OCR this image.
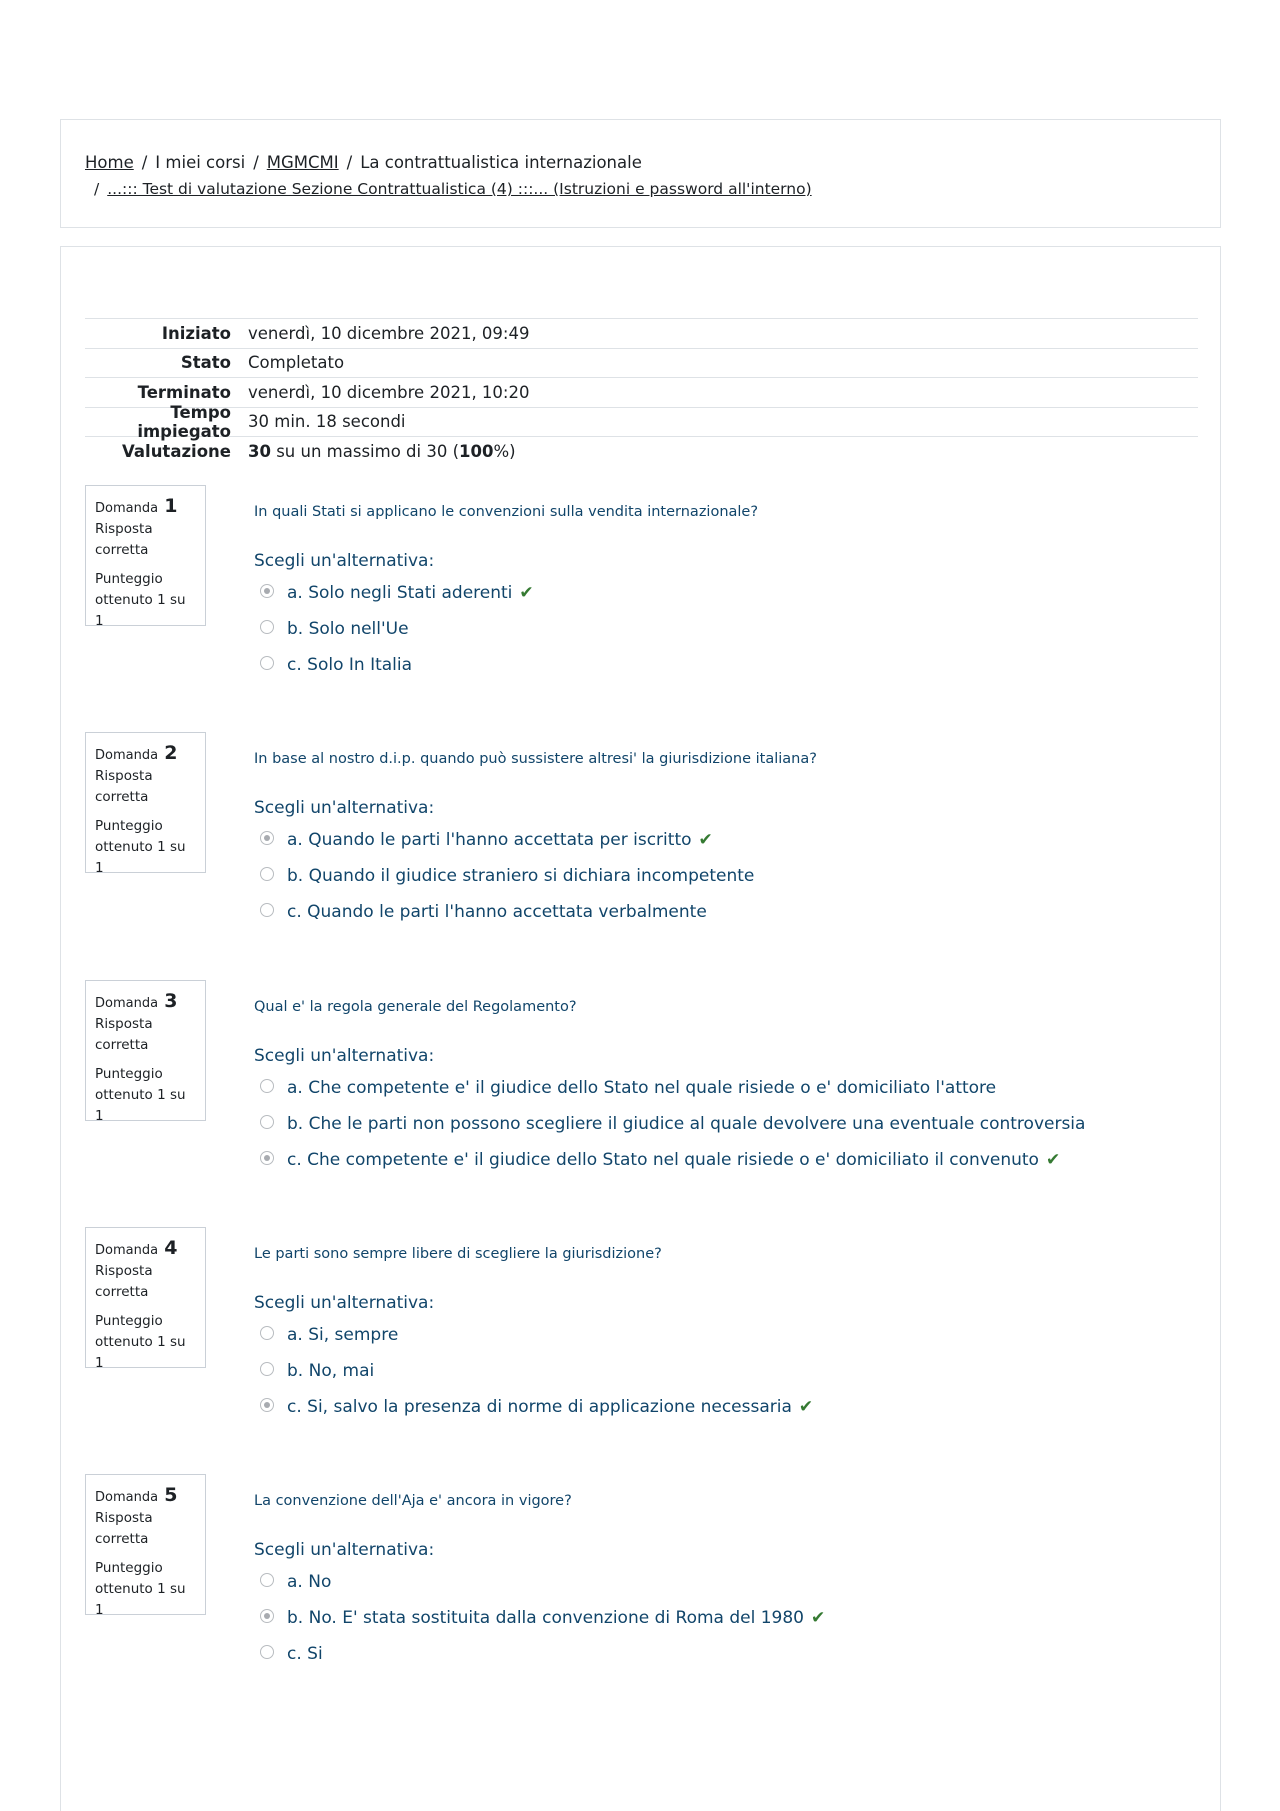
Home / I miei corsi / MGMCMI / La contrattualistica internazionale
/ ...::: Test di valutazione Sezione Contrattualistica (4) :::... (Istruzioni e password all'interno)
Iniziato	venerdì, 10 dicembre 2021, 09:49
Stato	Completato
Terminato	venerdì, 10 dicembre 2021, 10:20
Tempo impiegato	30 min. 18 secondi
Valutazione	30 su un massimo di 30 (100%)
Domanda 1
Risposta corretta
Punteggio ottenuto 1 su 1
In quali Stati si applicano le convenzioni sulla vendita internazionale?
Scegli un'alternativa:
a. Solo negli Stati aderenti ✔
b. Solo nell'Ue
c. Solo In Italia
Domanda 2
Risposta corretta
Punteggio ottenuto 1 su 1
In base al nostro d.i.p. quando può sussistere altresi' la giurisdizione italiana?
Scegli un'alternativa:
a. Quando le parti l'hanno accettata per iscritto ✔
b. Quando il giudice straniero si dichiara incompetente
c. Quando le parti l'hanno accettata verbalmente
Domanda 3
Risposta corretta
Punteggio ottenuto 1 su 1
Qual e' la regola generale del Regolamento?
Scegli un'alternativa:
a. Che competente e' il giudice dello Stato nel quale risiede o e' domiciliato l'attore
b. Che le parti non possono scegliere il giudice al quale devolvere una eventuale controversia
c. Che competente e' il giudice dello Stato nel quale risiede o e' domiciliato il convenuto ✔
Domanda 4
Risposta corretta
Punteggio ottenuto 1 su 1
Le parti sono sempre libere di scegliere la giurisdizione?
Scegli un'alternativa:
a. Si, sempre
b. No, mai
c. Si, salvo la presenza di norme di applicazione necessaria ✔
Domanda 5
Risposta corretta
Punteggio ottenuto 1 su 1
La convenzione dell'Aja e' ancora in vigore?
Scegli un'alternativa:
a. No
b. No. E' stata sostituita dalla convenzione di Roma del 1980 ✔
c. Si
